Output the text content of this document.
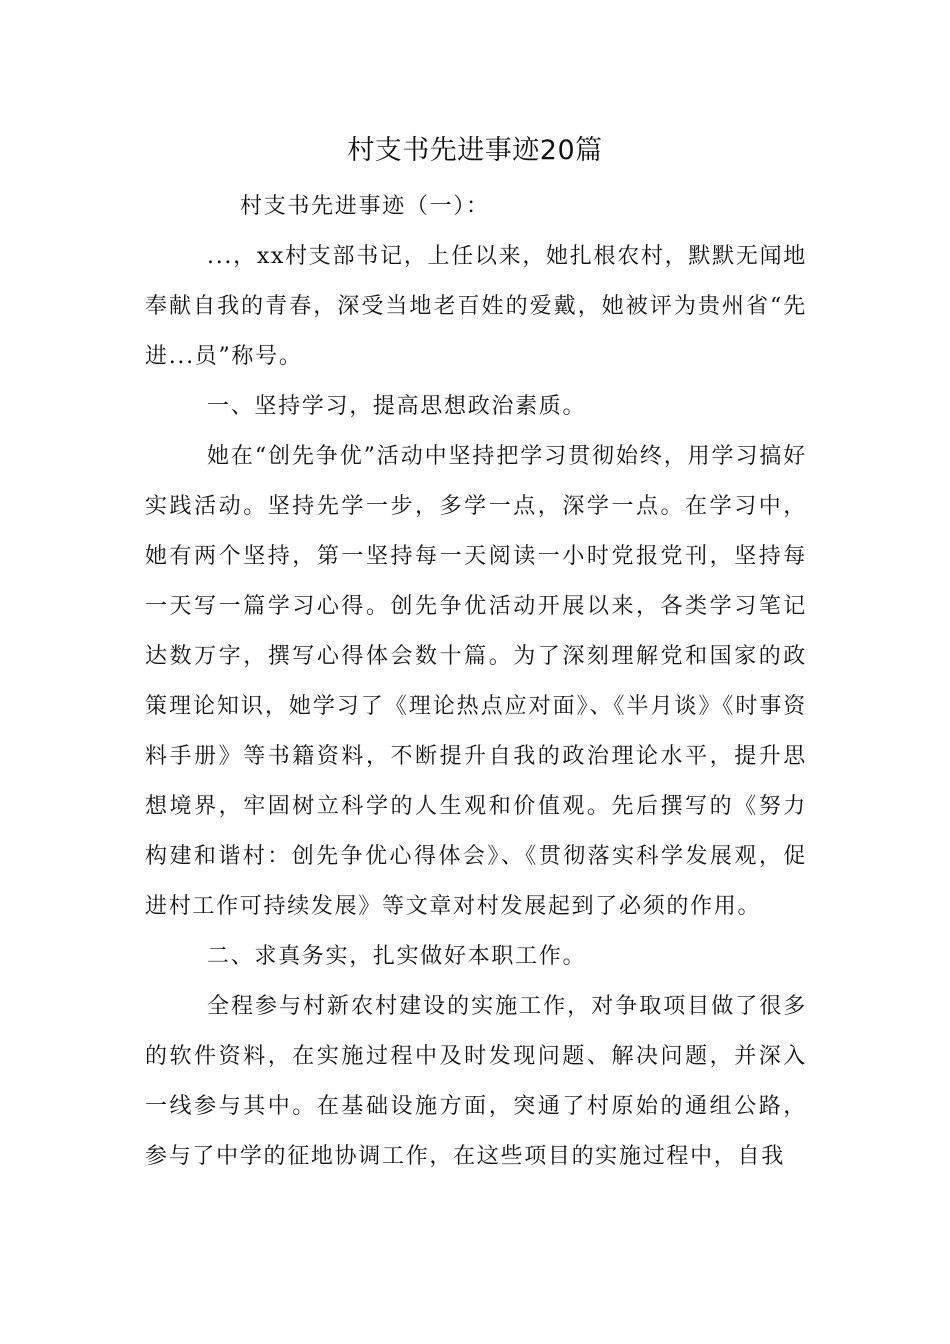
村支书先进事迹20篇

村支书先进事迹（一）：

...，xx村支部书记，上任以来，她扎根农村，默默无闻地奉献自我的青春，深受当地老百姓的爱戴，她被评为贵州省“先进...员”称号。

一、坚持学习，提高思想政治素质。

她在“创先争优”活动中坚持把学习贯彻始终，用学习搞好实践活动。坚持先学一步，多学一点，深学一点。在学习中，她有两个坚持，第一坚持每一天阅读一小时党报党刊，坚持每一天写一篇学习心得。创先争优活动开展以来，各类学习笔记达数万字，撰写心得体会数十篇。为了深刻理解党和国家的政策理论知识，她学习了《理论热点应对面》、《半月谈》《时事资料手册》等书籍资料，不断提升自我的政治理论水平，提升思想境界，牢固树立科学的人生观和价值观。先后撰写的《努力构建和谐村：创先争优心得体会》、《贯彻落实科学发展观，促进村工作可持续发展》等文章对村发展起到了必须的作用。

二、求真务实，扎实做好本职工作。

全程参与村新农村建设的实施工作，对争取项目做了很多的软件资料，在实施过程中及时发现问题、解决问题，并深入一线参与其中。在基础设施方面，突通了村原始的通组公路，参与了中学的征地协调工作，在这些项目的实施过程中，自我
